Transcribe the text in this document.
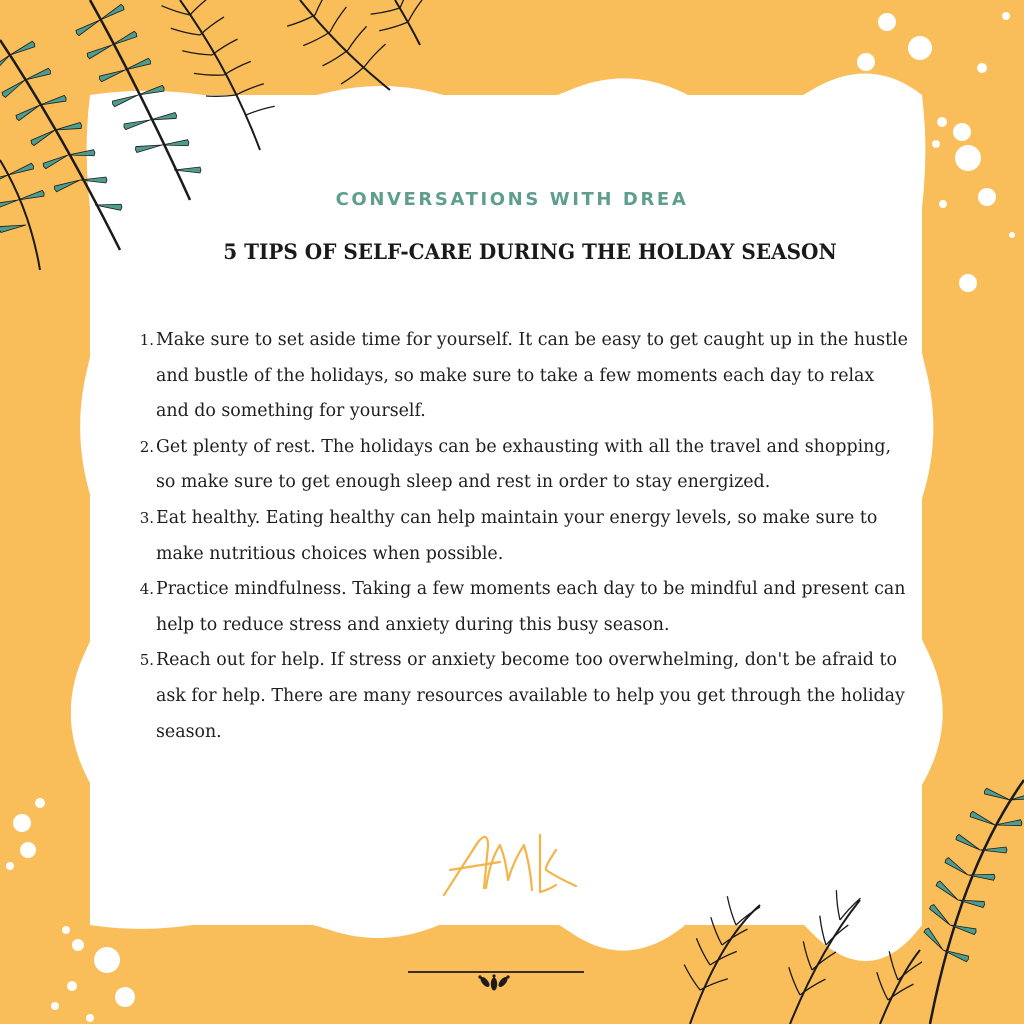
CONVERSATIONS WITH DREA
5 TIPS OF SELF-CARE DURING THE HOLDAY SEASON
1. Make sure to set aside time for yourself. It can be easy to get caught up in the hustle and bustle of the holidays, so make sure to take a few moments each day to relax and do something for yourself.
2. Get plenty of rest. The holidays can be exhausting with all the travel and shopping, so make sure to get enough sleep and rest in order to stay energized.
3. Eat healthy. Eating healthy can help maintain your energy levels, so make sure to make nutritious choices when possible.
4. Practice mindfulness. Taking a few moments each day to be mindful and present can help to reduce stress and anxiety during this busy season.
5. Reach out for help. If stress or anxiety become too overwhelming, don't be afraid to ask for help. There are many resources available to help you get through the holiday season.
